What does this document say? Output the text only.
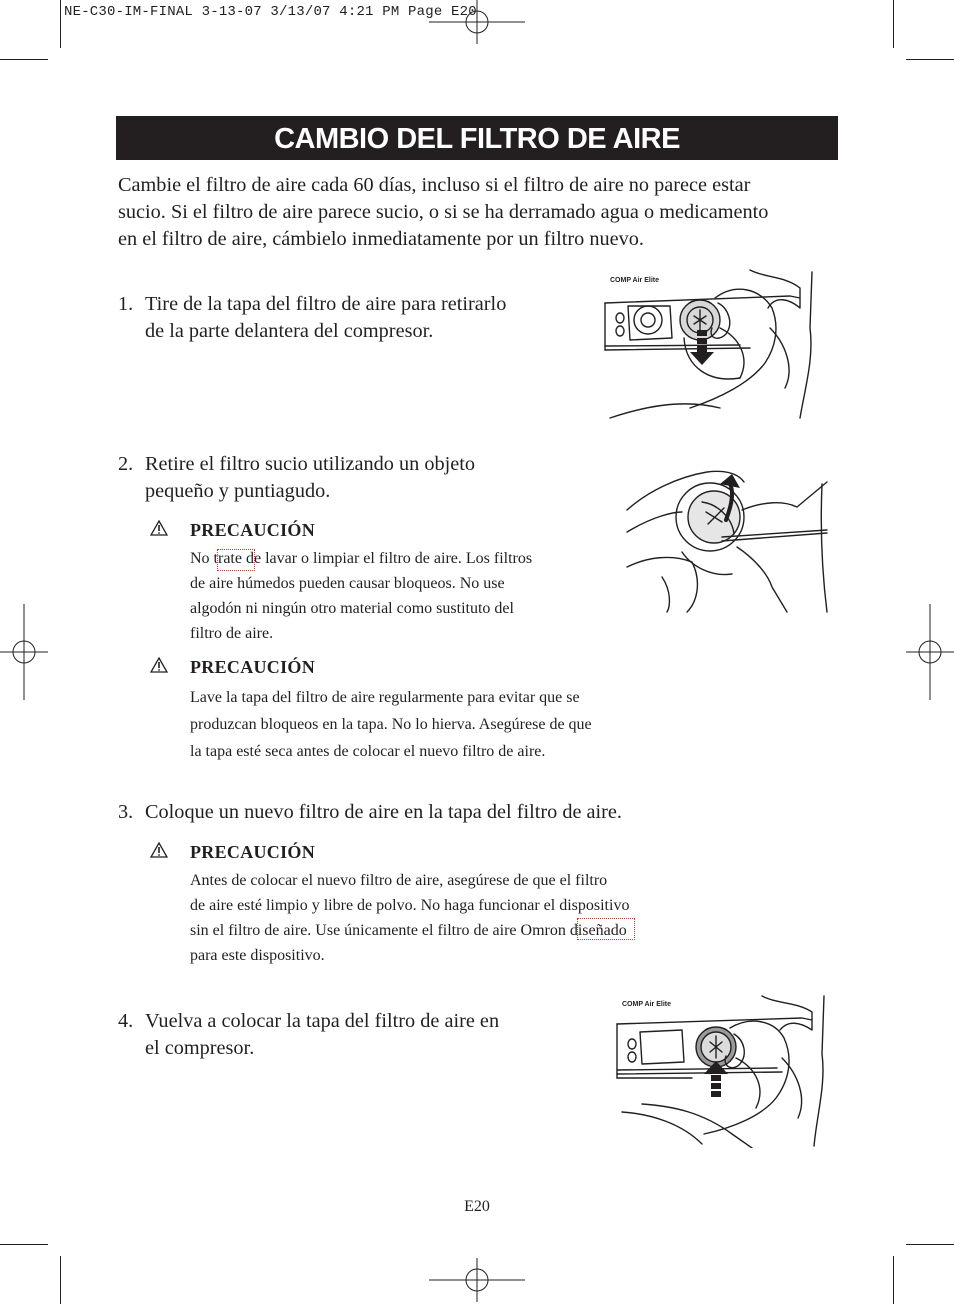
NE-C30-IM-FINAL 3-13-07 3/13/07 4:21 PM Page E20
CAMBIO DEL FILTRO DE AIRE
Cambie el filtro de aire cada 60 días, incluso si el filtro de aire no parece estar
sucio. Si el filtro de aire parece sucio, o si se ha derramado agua o medicamento
en el filtro de aire, cámbielo inmediatamente por un filtro nuevo.
1. Tire de la tapa del filtro de aire para retirarlo
de la parte delantera del compresor.
COMP Air Elite
2. Retire el filtro sucio utilizando un objeto
pequeño y puntiagudo.
PRECAUCIÓN
No trate de lavar o limpiar el filtro de aire. Los filtros
de aire húmedos pueden causar bloqueos. No use
algodón ni ningún otro material como sustituto del
filtro de aire.
PRECAUCIÓN
Lave la tapa del filtro de aire regularmente para evitar que se
produzcan bloqueos en la tapa. No lo hierva. Asegúrese de que
la tapa esté seca antes de colocar el nuevo filtro de aire.
3. Coloque un nuevo filtro de aire en la tapa del filtro de aire.
PRECAUCIÓN
Antes de colocar el nuevo filtro de aire, asegúrese de que el filtro
de aire esté limpio y libre de polvo. No haga funcionar el dispositivo
sin el filtro de aire. Use únicamente el filtro de aire Omron diseñado
para este dispositivo.
4. Vuelva a colocar la tapa del filtro de aire en
el compresor.
COMP Air Elite
E20
